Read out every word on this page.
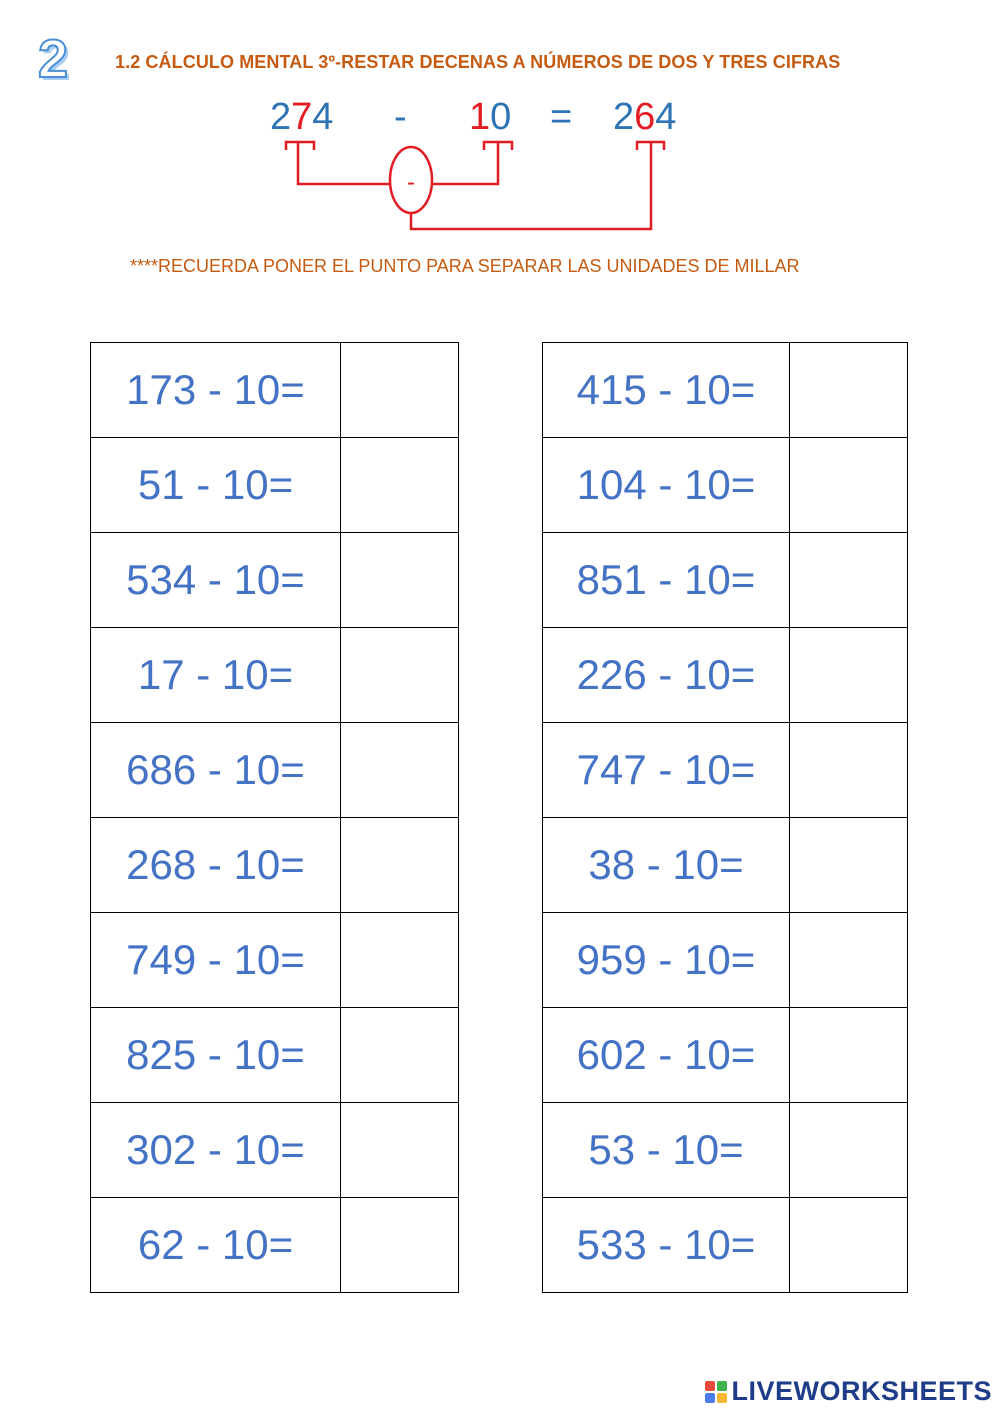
2	1.2 CÁLCULO MENTAL 3º-RESTAR DECENAS A NÚMEROS DE DOS Y TRES CIFRAS
274 - 10 = 264
-
****RECUERDA PONER EL PUNTO PARA SEPARAR LAS UNIDADES DE MILLAR
173 - 10=	
51 - 10=	
534 - 10=	
17 - 10=	
686 - 10=	
268 - 10=	
749 - 10=	
825 - 10=	
302 - 10=	
62 - 10=	
415 - 10=	
104 - 10=	
851 - 10=	
226 - 10=	
747 - 10=	
38 - 10=	
959 - 10=	
602 - 10=	
53 - 10=	
533 - 10=	
LIVEWORKSHEETS
